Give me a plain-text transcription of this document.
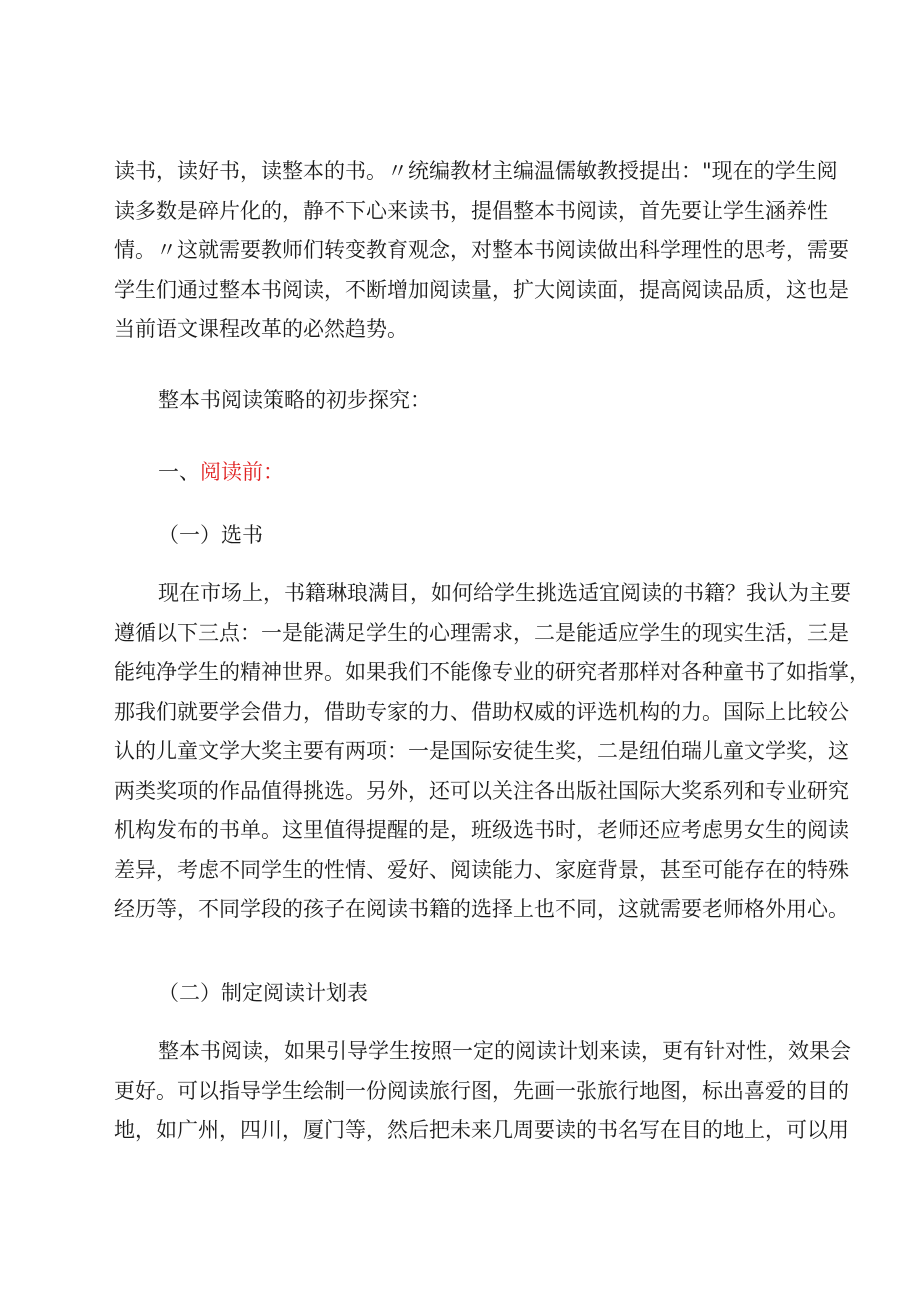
读书，读好书，读整本的书。〃统编教材主编温儒敏教授提出："现在的学生阅
读多数是碎片化的，静不下心来读书，提倡整本书阅读，首先要让学生涵养性
情。〃这就需要教师们转变教育观念，对整本书阅读做出科学理性的思考，需要
学生们通过整本书阅读，不断增加阅读量，扩大阅读面，提高阅读品质，这也是
当前语文课程改革的必然趋势。
整本书阅读策略的初步探究：
一、阅读前：
（一）选书
现在市场上，书籍琳琅满目，如何给学生挑选适宜阅读的书籍？我认为主要
遵循以下三点：一是能满足学生的心理需求，二是能适应学生的现实生活，三是
能纯净学生的精神世界。如果我们不能像专业的研究者那样对各种童书了如指掌，
那我们就要学会借力，借助专家的力、借助权威的评选机构的力。国际上比较公
认的儿童文学大奖主要有两项：一是国际安徒生奖，二是纽伯瑞儿童文学奖，这
两类奖项的作品值得挑选。另外，还可以关注各出版社国际大奖系列和专业研究
机构发布的书单。这里值得提醒的是，班级选书时，老师还应考虑男女生的阅读
差异，考虑不同学生的性情、爱好、阅读能力、家庭背景，甚至可能存在的特殊
经历等，不同学段的孩子在阅读书籍的选择上也不同，这就需要老师格外用心。
（二）制定阅读计划表
整本书阅读，如果引导学生按照一定的阅读计划来读，更有针对性，效果会
更好。可以指导学生绘制一份阅读旅行图，先画一张旅行地图，标出喜爱的目的
地，如广州，四川，厦门等，然后把未来几周要读的书名写在目的地上，可以用
